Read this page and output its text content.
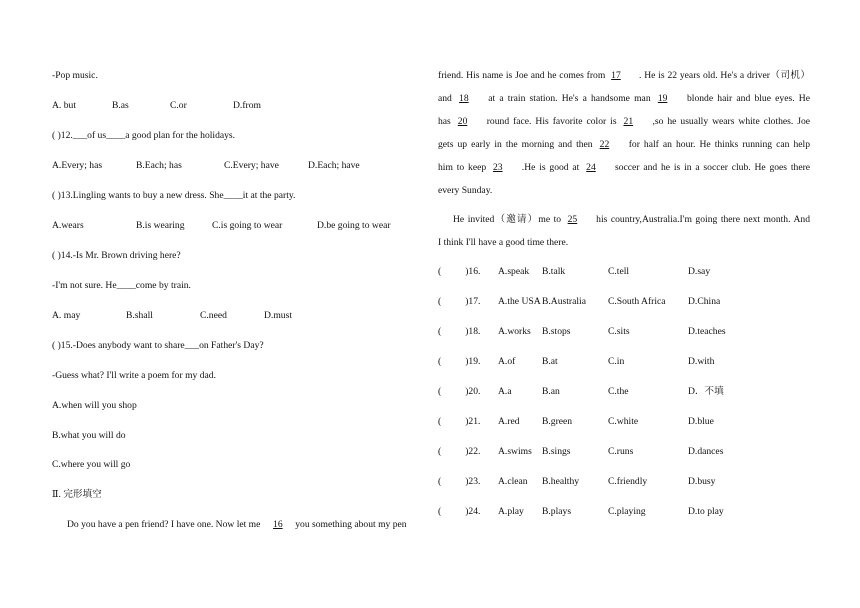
-Pop music.
A. but	B.as	C.or	D.from
( )12.___of us____a good plan for the holidays.
A.Every; has	B.Each; has	C.Every; have	D.Each; have
( )13.Lingling wants to buy a new dress. She____it at the party.
A.wears	B.is wearing	C.is going to wear	D.be going to wear
( )14.-Is Mr. Brown driving here?
-I'm not sure. He____come by train.
A. may	B.shall	C.need	D.must
( )15.-Does anybody want to share___on Father's Day?
-Guess what? I'll write a poem for my dad.
A.when will you shop
B.what you will do
C.where you will go
Ⅱ. 完形填空
Do you have a pen friend? I have one. Now let me 16 you something about my pen
friend. His name is Joe and he comes from 17 . He is 22 years old. He's a driver（司机）
and 18 at a train station. He's a handsome man 19 blonde hair and blue eyes. He
has 20 round face. His favorite color is 21 ,so he usually wears white clothes. Joe
gets up early in the morning and then 22 for half an hour. He thinks running can help
him to keep 23 .He is good at 24 soccer and he is in a soccer club. He goes there
every Sunday.
He invited（邀请）me to 25 his country,Australia.I'm going there next month. And
I think I'll have a good time there.
(	)16. A.speak B.talk	C.tell	D.say
(	)17. A.the USA B.Australia C.South Africa D.China
(	)18. A.works B.stops	C.sits	D.teaches
(	)19. A.of	B.at	C.in	D.with
(	)20. A.a	B.an	C.the	D．不填
(	)21. A.red B.green	C.white	D.blue
(	)22. A.swims B.sings	C.runs	D.dances
(	)23. A.clean B.healthy	C.friendly	D.busy
(	)24. A.play B.plays	C.playing	D.to play
